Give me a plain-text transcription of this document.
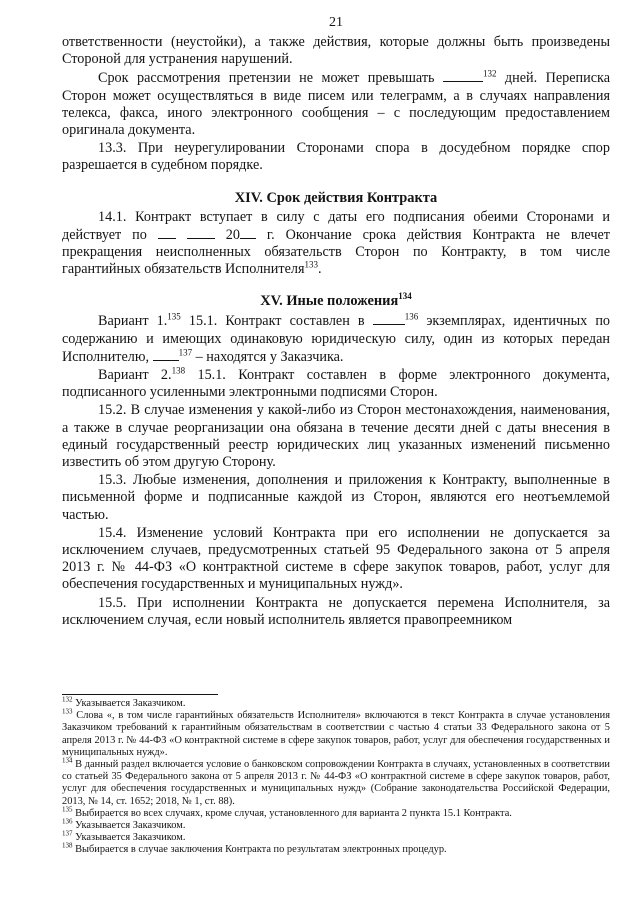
21

ответственности (неустойки), а также действия, которые должны быть произведены Стороной для устранения нарушений.

Срок рассмотрения претензии не может превышать	$^{132}$ дней. Переписка Сторон может осуществляться в виде писем или телеграмм, а в случаях направления телекса, факса, иного электронного сообщения – с последующим предоставлением оригинала документа.

13.3. При неурегулировании Сторонами спора в досудебном порядке спор разрешается в судебном порядке.

XIV. Срок действия Контракта

14.1. Контракт вступает в силу с даты его подписания обеими Сторонами и действует по	20 г. Окончание срока действия Контракта не влечет прекращения неисполненных обязательств Сторон по Контракту, в том числе гарантийных обязательств Исполнителя$^{133}$.

XV. Иные положения$^{134}$

Вариант 1.$^{135}$ 15.1. Контракт составлен в	$^{136}$ экземплярах, идентичных по содержанию и имеющих одинаковую юридическую силу, один из которых передан Исполнителю,	$^{137}$ – находятся у Заказчика.

Вариант 2.$^{138}$ 15.1. Контракт составлен в форме электронного документа, подписанного усиленными электронными подписями Сторон.

15.2. В случае изменения у какой-либо из Сторон местонахождения, наименования, а также в случае реорганизации она обязана в течение десяти дней с даты внесения в единый государственный реестр юридических лиц указанных изменений письменно известить об этом другую Сторону.

15.3. Любые изменения, дополнения и приложения к Контракту, выполненные в письменной форме и подписанные каждой из Сторон, являются его неотъемлемой частью.

15.4. Изменение условий Контракта при его исполнении не допускается за исключением случаев, предусмотренных статьей 95 Федерального закона от 5 апреля 2013 г. № 44-ФЗ «О контрактной системе в сфере закупок товаров, работ, услуг для обеспечения государственных и муниципальных нужд».

15.5. При исполнении Контракта не допускается перемена Исполнителя, за исключением случая, если новый исполнитель является правопреемником

$^{132}$ Указывается Заказчиком.

$^{133}$ Слова «, в том числе гарантийных обязательств Исполнителя» включаются в текст Контракта в случае установления Заказчиком требований к гарантийным обязательствам в соответствии с частью 4 статьи 33 Федерального закона от 5 апреля 2013 г. № 44-ФЗ «О контрактной системе в сфере закупок товаров, работ, услуг для обеспечения государственных и муниципальных нужд».

$^{134}$ В данный раздел включается условие о банковском сопровождении Контракта в случаях, установленных в соответствии со статьей 35 Федерального закона от 5 апреля 2013 г. № 44-ФЗ «О контрактной системе в сфере закупок товаров, работ, услуг для обеспечения государственных и муниципальных нужд» (Собрание законодательства Российской Федерации, 2013, № 14, ст. 1652; 2018, № 1, ст. 88).

$^{135}$ Выбирается во всех случаях, кроме случая, установленного для варианта 2 пункта 15.1 Контракта.

$^{136}$ Указывается Заказчиком.

$^{137}$ Указывается Заказчиком.

$^{138}$ Выбирается в случае заключения Контракта по результатам электронных процедур.
